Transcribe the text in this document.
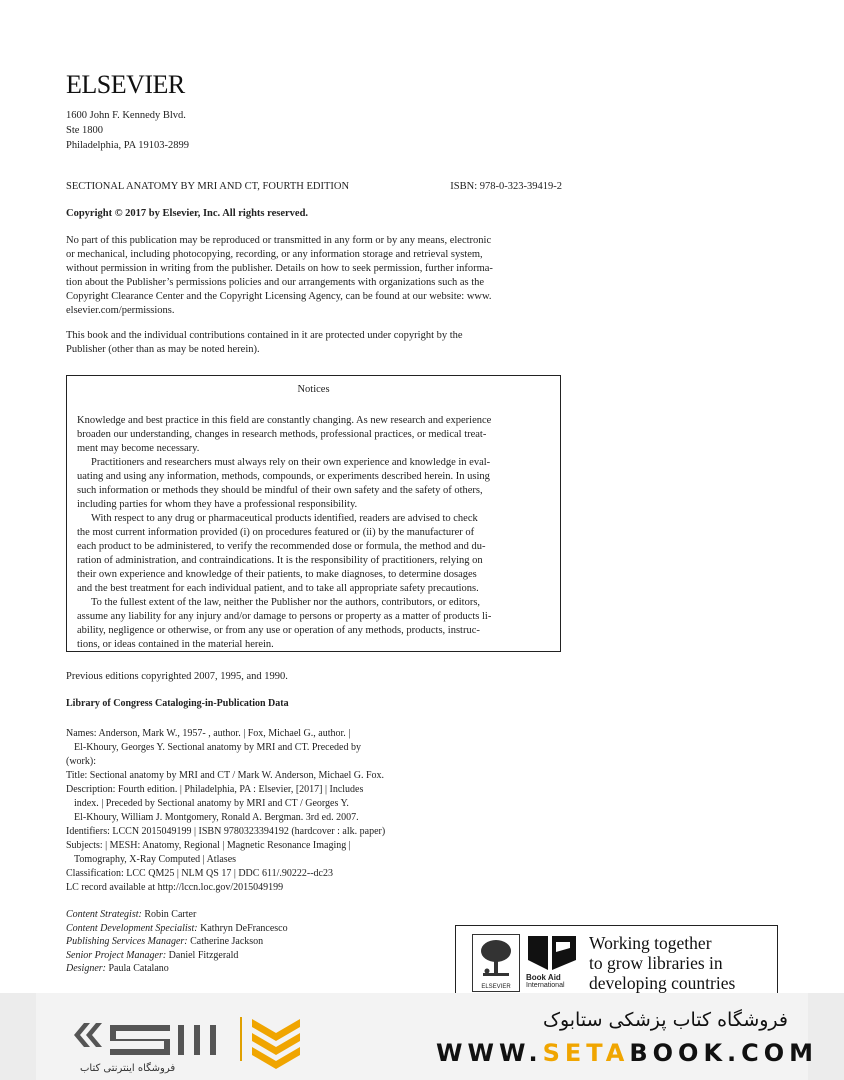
ELSEVIER
1600 John F. Kennedy Blvd.
Ste 1800
Philadelphia, PA 19103-2899
SECTIONAL ANATOMY BY MRI AND CT, FOURTH EDITION	ISBN: 978-0-323-39419-2
Copyright © 2017 by Elsevier, Inc. All rights reserved.
No part of this publication may be reproduced or transmitted in any form or by any means, electronic
or mechanical, including photocopying, recording, or any information storage and retrieval system,
without permission in writing from the publisher. Details on how to seek permission, further informa-
tion about the Publisher’s permissions policies and our arrangements with organizations such as the
Copyright Clearance Center and the Copyright Licensing Agency, can be found at our website: www.
elsevier.com/permissions.
This book and the individual contributions contained in it are protected under copyright by the
Publisher (other than as may be noted herein).
Notices
Knowledge and best practice in this field are constantly changing. As new research and experience
broaden our understanding, changes in research methods, professional practices, or medical treat-
ment may become necessary.
Practitioners and researchers must always rely on their own experience and knowledge in eval-
uating and using any information, methods, compounds, or experiments described herein. In using
such information or methods they should be mindful of their own safety and the safety of others,
including parties for whom they have a professional responsibility.
With respect to any drug or pharmaceutical products identified, readers are advised to check
the most current information provided (i) on procedures featured or (ii) by the manufacturer of
each product to be administered, to verify the recommended dose or formula, the method and du-
ration of administration, and contraindications. It is the responsibility of practitioners, relying on
their own experience and knowledge of their patients, to make diagnoses, to determine dosages
and the best treatment for each individual patient, and to take all appropriate safety precautions.
To the fullest extent of the law, neither the Publisher nor the authors, contributors, or editors,
assume any liability for any injury and/or damage to persons or property as a matter of products li-
ability, negligence or otherwise, or from any use or operation of any methods, products, instruc-
tions, or ideas contained in the material herein.
Previous editions copyrighted 2007, 1995, and 1990.
Library of Congress Cataloging-in-Publication Data
Names: Anderson, Mark W., 1957- , author. | Fox, Michael G., author. |
El-Khoury, Georges Y. Sectional anatomy by MRI and CT. Preceded by
(work):
Title: Sectional anatomy by MRI and CT / Mark W. Anderson, Michael G. Fox.
Description: Fourth edition. | Philadelphia, PA : Elsevier, [2017] | Includes
index. | Preceded by Sectional anatomy by MRI and CT / Georges Y.
El-Khoury, William J. Montgomery, Ronald A. Bergman. 3rd ed. 2007.
Identifiers: LCCN 2015049199 | ISBN 9780323394192 (hardcover : alk. paper)
Subjects: | MESH: Anatomy, Regional | Magnetic Resonance Imaging |
Tomography, X-Ray Computed | Atlases
Classification: LCC QM25 | NLM QS 17 | DDC 611/.90222--dc23
LC record available at http://lccn.loc.gov/2015049199
Content Strategist: Robin Carter
Content Development Specialist: Kathryn DeFrancesco
Publishing Services Manager: Catherine Jackson
Senior Project Manager: Daniel Fitzgerald
Designer: Paula Catalano
ELSEVIER
Book Aid
International
Working together
to grow libraries in
developing countries
فروشگاه اینترنتی کتاب
فروشگاه کتاب پزشکی ستابوک
WWW.SETABOOK.COM
